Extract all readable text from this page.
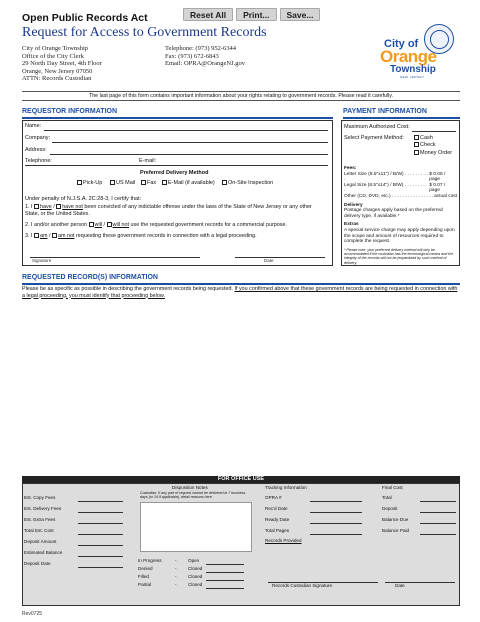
Open Public Records Act	Reset All	Print...	Save...
Request for Access to Government Records
City of Orange Township
Office of the City Clerk
29 North Day Street, 4th Floor
Orange, New Jersey 07050
ATTN: Records Custodian
Telephone: (973) 952-6344
Fax: (973) 672-6843
Email: OPRA@OrangeNJ.gov
City of
Orange
Township
NEW JERSEY
The last page of this form contains important information about your rights relating to government records. Please read it carefully.
REQUESTOR INFORMATION
Name:
Company:
Address:
Telephone:	E-mail:
Preferred Delivery Method
Pick-Up	US Mail	Fax	E-Mail (if available)	On-Site Inspection
Under penalty of N.J.S.A. 2C:28-3, I certify that:
1. I have / have not been convicted of any indictable offense under the laws of the State of New Jersey or any other State, or the United States.
2. I and/or another person will / will not use the requested government records for a commercial purpose.
3. I am / am not requesting these government records in connection with a legal proceeding.
Signature	Date
PAYMENT INFORMATION
Maximum Authorized Cost:
Select Payment Method:	Cash
Check
Money Order
Fees:
Letter Size (8.5"x11") / B/W) . . . . . . . . . .
$ 0.05 / page
Legal Size (8.5"x14") / B/W) . . . . . . . . . .
$ 0.07 / page
Other (CD, DVD, etc.) . . . . . . . . . . . . . . . . actual cost
Delivery
Postage charges apply based on the preferred delivery type, if available.*
Extras
A special service charge may apply depending upon the scope and amount of resources required to complete the request.
* Please note, your preferred delivery method will only be accommodated if the custodian has the technological means and the integrity of the records will not be jeopardized by such method of delivery.
REQUESTED RECORD(S) INFORMATION
Please be as specific as possible in describing the government records being requested. If you confirmed above that these government records are being requested in connection with a legal proceeding, you must identify that proceeding below.
FOR OFFICE USE
Disposition Notes	Tracking Information	Final Cost
Custodian: If any part of request cannot be delivered in 7 business days (or 14 if applicable), detail reasons here.
Est. Copy Fees
Est. Delivery Fees
Est. Extra Fees
Total Est. Cost
Deposit Amount
Estimated Balance
Deposit Date
OPRA #
Rec'd Date
Ready Date
Total Pages
Records Provided
Total
Deposit
Balance Due
Balance Paid
In Progress	- Open
Denied	- Closed
Filled	- Closed
Partial	- Closed	Records Custodian Signature	Date
Rev0725
